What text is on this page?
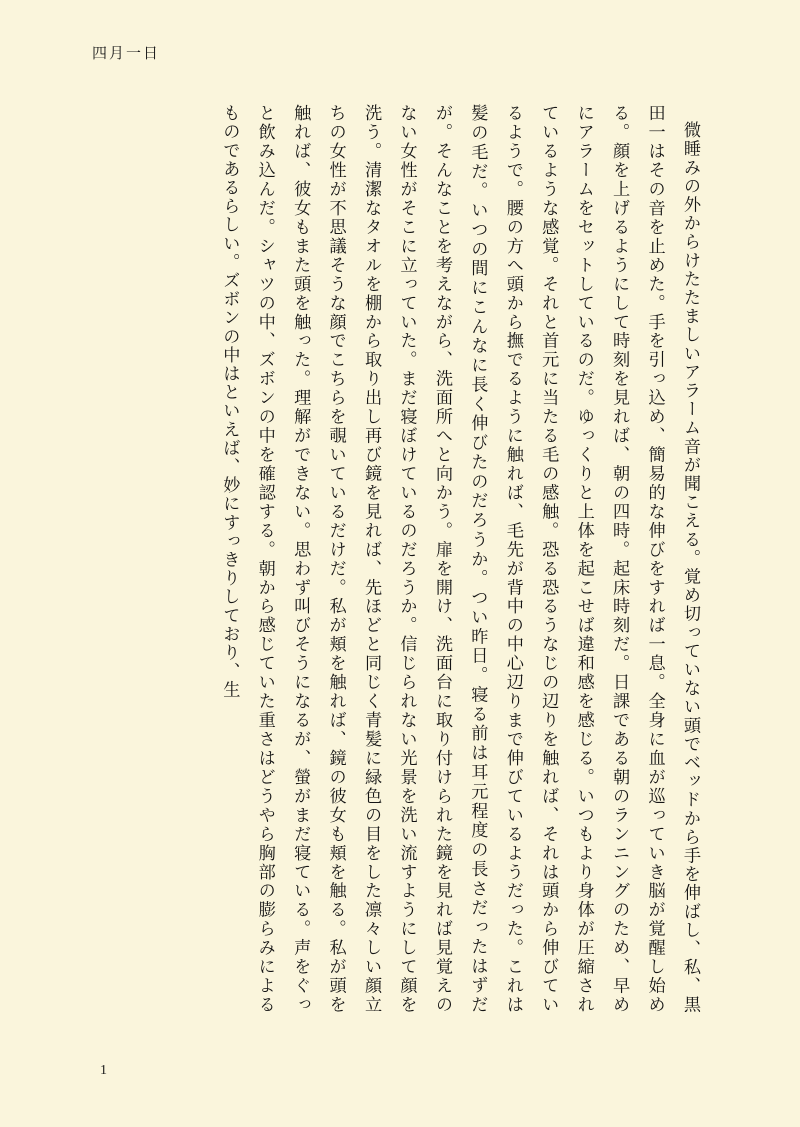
四月一日

微睡みの外からけたたましいアラーム音が聞こえる。覚め切っていない頭でベッドから手を伸ばし、私、黒田一はその音を止めた。手を引っ込め、簡易的な伸びをすれば一息。全身に血が巡っていき脳が覚醒し始める。顔を上げるようにして時刻を見れば、朝の四時。起床時刻だ。日課である朝のランニングのため、早めにアラームをセットしているのだ。ゆっくりと上体を起こせば違和感を感じる。いつもより身体が圧縮されているような感覚。それと首元に当たる毛の感触。恐る恐るうなじの辺りを触れば、それは頭から伸びているようで。腰の方へ頭から撫でるように触れば、毛先が背中の中心辺りまで伸びているようだった。これは髪の毛だ。いつの間にこんなに長く伸びたのだろうか。つい昨日。寝る前は耳元程度の長さだったはずだが。そんなことを考えながら、洗面所へと向かう。扉を開け、洗面台に取り付けられた鏡を見れば見覚えのない女性がそこに立っていた。まだ寝ぼけているのだろうか。信じられない光景を洗い流すようにして顔を洗う。清潔なタオルを棚から取り出し再び鏡を見れば、先ほどと同じく青髪に緑色の目をした凛々しい顔立ちの女性が不思議そうな顔でこちらを覗いているだけだ。私が頬を触れば、鏡の彼女も頬を触る。私が頭を触れば、彼女もまた頭を触った。理解ができない。思わず叫びそうになるが、螢がまだ寝ている。声をぐっと飲み込んだ。シャツの中、ズボンの中を確認する。朝から感じていた重さはどうやら胸部の膨らみによるものであるらしい。ズボンの中はといえば、妙にすっきりしており、生

1
